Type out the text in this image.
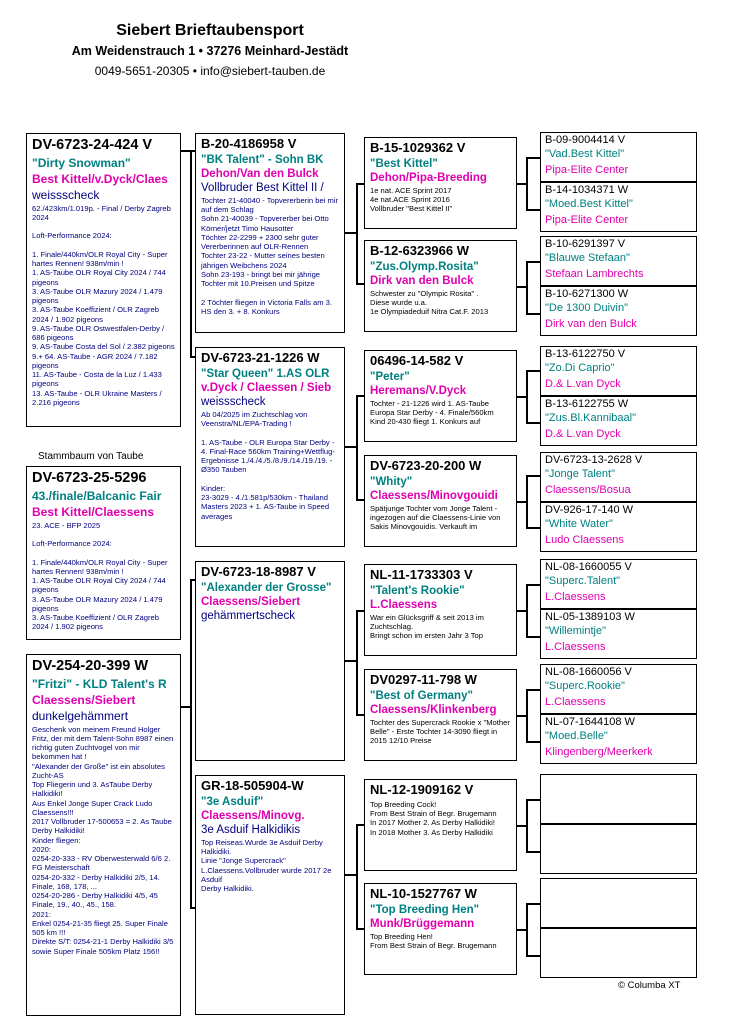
Siebert Brieftaubensport
Am Weidenstrauch 1 • 37276 Meinhard-Jestädt
0049-5651-20305 • info@siebert-tauben.de
DV-6723-24-424 V
"Dirty Snowman"
Best Kittel/v.Dyck/Claes
weissscheck
62./423km/1.019p. - Final / Derby Zagreb 2024

Loft-Performance 2024:

1. Finale/440km/OLR Royal City - Super hartes Rennen! 938m/min !
1. AS-Taube OLR Royal City 2024 / 744 pigeons
3. AS-Taube OLR Mazury 2024 / 1.479 pigeons
3. AS-Taube Koeffizient / OLR Zagreb 2024 / 1.902 pigeons
9. AS-Taube OLR Ostwestfalen-Derby / 686 pigeons
9. AS-Taube Costa del Sol / 2.382 pigeons
9.+ 64. AS-Taube - AGR 2024 / 7.182 pigeons
11. AS-Taube - Costa de la Luz / 1.433 pigeons
13. AS-Taube - OLR Ukraine Masters / 2.216 pigeons
Stammbaum von Taube
DV-6723-25-5296
43./finale/Balcanic Fair
Best Kittel/Claessens
23. ACE - BFP 2025

Loft-Performance 2024:

1. Finale/440km/OLR Royal City - Super hartes Rennen! 938m/min !
1. AS-Taube OLR Royal City 2024 / 744 pigeons
3. AS-Taube OLR Mazury 2024 / 1.479 pigeons
3. AS-Taube Koeffizient / OLR Zagreb 2024 / 1.902 pigeons
DV-254-20-399 W
"Fritzi" - KLD Talent's R
Claessens/Siebert
dunkelgehämmert
Geschenk von meinem Freund Holger Fritz, der mit dem Talent-Sohn 8987 einen richtig guten Zuchtvogel von mir bekommen hat !
"Alexander der Große" ist ein absolutes Zucht-AS
Top Fliegerin und 3. AsTaube Derby Halkidiki!
Aus Enkel Jonge Super Crack Ludo Claessens!!!
2017 Vollbruder 17-500653 = 2. As Taube Derby Halkidiki!
Kinder fliegen:
2020:
0254-20-333 - RV Oberwesterwald 6/6 2. FG Meisterschaft
0254-20-332 - Derby Halkidiki 2/5, 14. Finale, 168, 178, ...
0254-20-286 - Derby Halkidiki 4/5, 45 Finale, 19., 40., 45., 158.
2021:
Enkel 0254-21-35 fliegt 25. Super Finale 505 km !!!
Direkte S/T: 0254-21-1 Derby Halkidiki 3/5 sowie Super Finale 505km Platz 156!!
B-20-4186958 V
"BK Talent" - Sohn BK
Dehon/Van den Bulck
Vollbruder Best Kittel II /
Tochter 21-40040 - Topvererberin bei mir auf dem Schlag
Sohn 21-40039 - Topvererber bei Otto Körner/jetzt Timo Hausotter
Töchter 22-2299 + 2300 sehr guter Vererberinnen auf OLR-Rennen
Tochter 23-22 - Mutter seines besten jährigen Weibchens 2024
Sohn 23-193 - bringt bei mir jährige Tochter mit 10.Preisen und Spitze

2 Töchter fliegen in Victoria Falls am 3. HS den 3. + 8. Konkurs
DV-6723-21-1226 W
"Star Queen" 1.AS OLR
v.Dyck / Claessen / Sieb
weissscheck
Ab 04/2025 im Zuchtschlag von Veenstra/NL/EPA-Trading !

1. AS-Taube - OLR Europa Star Derby - 4. Final-Race 560km Training+Wettflug-Ergebnisse 1./4./4./5./8./9./14./19./19. - Ø350 Tauben

Kinder:
23-3029 - 4./1.581p/530km - Thailand Masters 2023 + 1. AS-Taube in Speed averages
DV-6723-18-8987 V
"Alexander der Grosse"
Claessens/Siebert
gehämmertscheck
GR-18-505904-W
"3e Asduif"
Claessens/Minovg.
3e Asduif Halkidikis
Top Reiseas.Wurde 3e Asduif Derby Halkidiki.
Linie "Jonge Supercrack"
L.Claessens.Vollbruder wurde 2017 2e Asduif
Derby Halkidiki.
B-15-1029362 V
"Best Kittel"
Dehon/Pipa-Breeding
1e nat. ACE Sprint 2017
4e nat.ACE Sprint 2016
Vollbruder "Best Kittel II"
B-12-6323966 W
"Zus.Olymp.Rosita"
Dirk van den Bulck
Schwester zu "Olympic Rosita" .
Diese wurde u.a.
1e Olympiadeduif Nitra Cat.F. 2013
06496-14-582 V
"Peter"
Heremans/V.Dyck
Tochter - 21-1226 wird 1. AS-Taube Europa Star Derby - 4. Finale/560km
Kind 20-430 fliegt 1. Konkurs auf
DV-6723-20-200 W
"Whity"
Claessens/Minovgouidi
Spätjunge Tochter vom Jonge Talent - ingezogen auf die Claessens-Linie von Sakis Minovgouidis. Verkauft im
NL-11-1733303 V
"Talent's Rookie"
L.Claessens
War ein Glücksgriff & seit 2013 im Zuchtschlag.
Bringt schon im ersten Jahr 3 Top
DV0297-11-798 W
"Best of Germany"
Claessens/Klinkenberg
Tochter des Supercrack Rookie x "Mother Belle" - Erste Tochter 14-3090 fliegt in 2015 12/10 Preise
NL-12-1909162 V
Top Breeding Cock!
From Best Strain of Begr. Brugemann
In 2017 Mother 2. As Derby Halkidiki!
In 2018 Mother 3. As Derby Halkidiki
NL-10-1527767 W
"Top Breeding Hen"
Munk/Brüggemann
Top Breeding Hen!
From Best Strain of Begr. Brugemann
B-09-9004414 V
"Vad.Best Kittel"
Pipa-Elite Center
B-14-1034371 W
"Moed.Best Kittel"
Pipa-Elite Center
B-10-6291397 V
"Blauwe Stefaan"
Stefaan Lambrechts
B-10-6271300 W
"De 1300 Duivin"
Dirk van den Bulck
B-13-6122750 V
"Zo.Di Caprio"
D.& L.van Dyck
B-13-6122755 W
"Zus.Bl.Kannibaal"
D.& L.van Dyck
DV-6723-13-2628 V
"Jonge Talent"
Claessens/Bosua
DV-926-17-140 W
"White Water"
Ludo Claessens
NL-08-1660055 V
"Superc.Talent"
L.Claessens
NL-05-1389103 W
"Willemintje"
L.Claessens
NL-08-1660056 V
"Superc.Rookie"
L.Claessens
NL-07-1644108 W
"Moed.Belle"
Klingenberg/Meerkerk
© Columba XT
